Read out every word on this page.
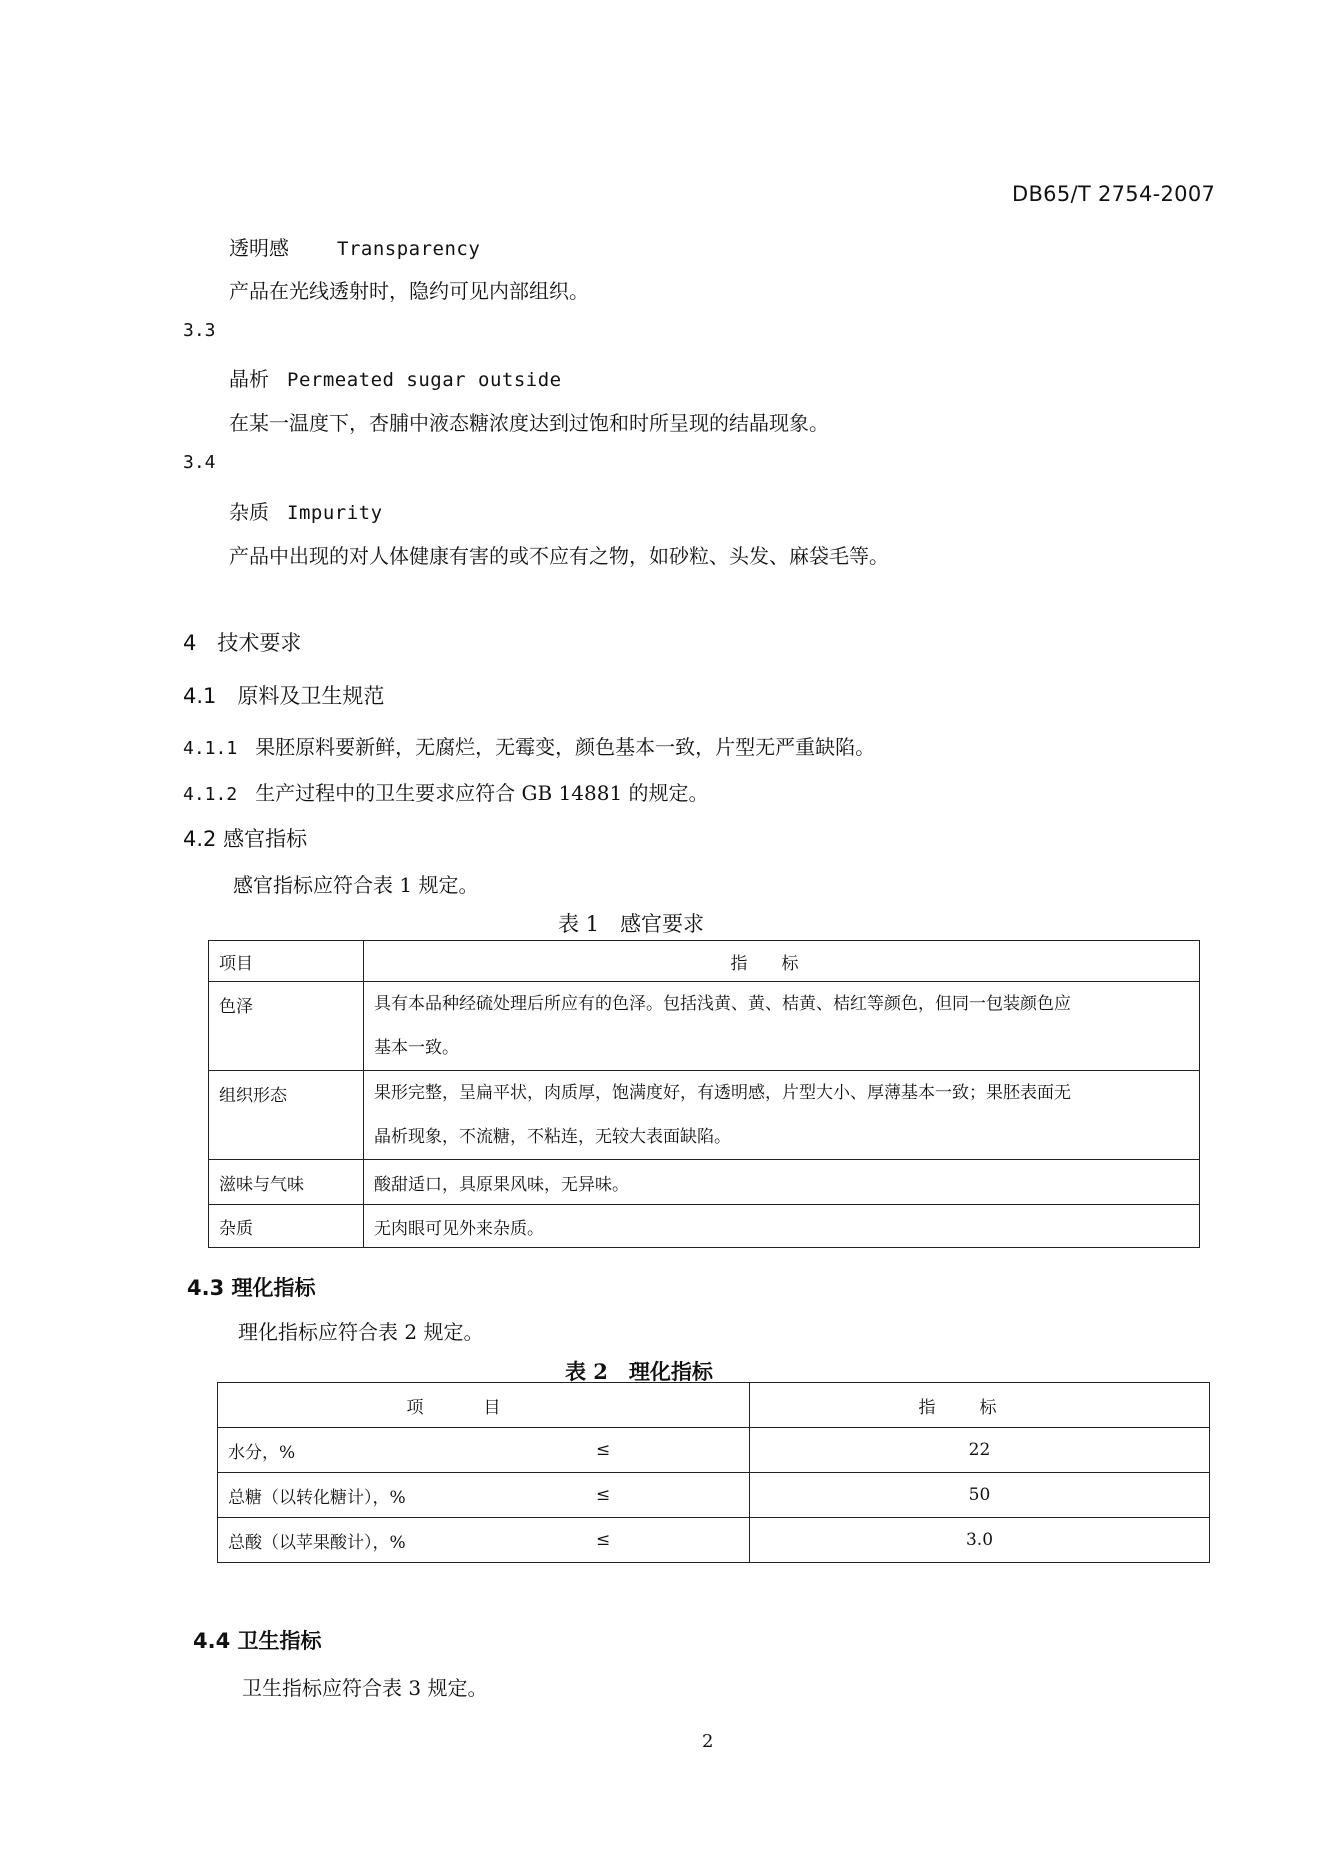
DB65/T 2754-2007
透明感	Transparency
产品在光线透射时，隐约可见内部组织。
3.3
晶析 Permeated sugar outside
在某一温度下，杏脯中液态糖浓度达到过饱和时所呈现的结晶现象。
3.4
杂质 Impurity
产品中出现的对人体健康有害的或不应有之物，如砂粒、头发、麻袋毛等。
4　技术要求
4.1　原料及卫生规范
4.1.1 果胚原料要新鲜，无腐烂，无霉变，颜色基本一致，片型无严重缺陷。
4.1.2 生产过程中的卫生要求应符合 GB 14881 的规定。
4.2 感官指标
感官指标应符合表 1 规定。
表 1　感官要求
项目	指标
色泽	具有本品种经硫处理后所应有的色泽。包括浅黄、黄、桔黄、桔红等颜色，但同一包装颜色应
基本一致。

组织形态	果形完整，呈扁平状，肉质厚，饱满度好，有透明感，片型大小、厚薄基本一致；果胚表面无
晶析现象，不流糖，不粘连，无较大表面缺陷。

滋味与气味	酸甜适口，具原果风味，无异味。
杂质	无肉眼可见外来杂质。
4.3 理化指标
理化指标应符合表 2 规定。
表 2　理化指标
项目	指标
水分，% ≤	22
总糖（以转化糖计），% ≤	50
总酸（以苹果酸计），% ≤	3.0
4.4 卫生指标
卫生指标应符合表 3 规定。
2
